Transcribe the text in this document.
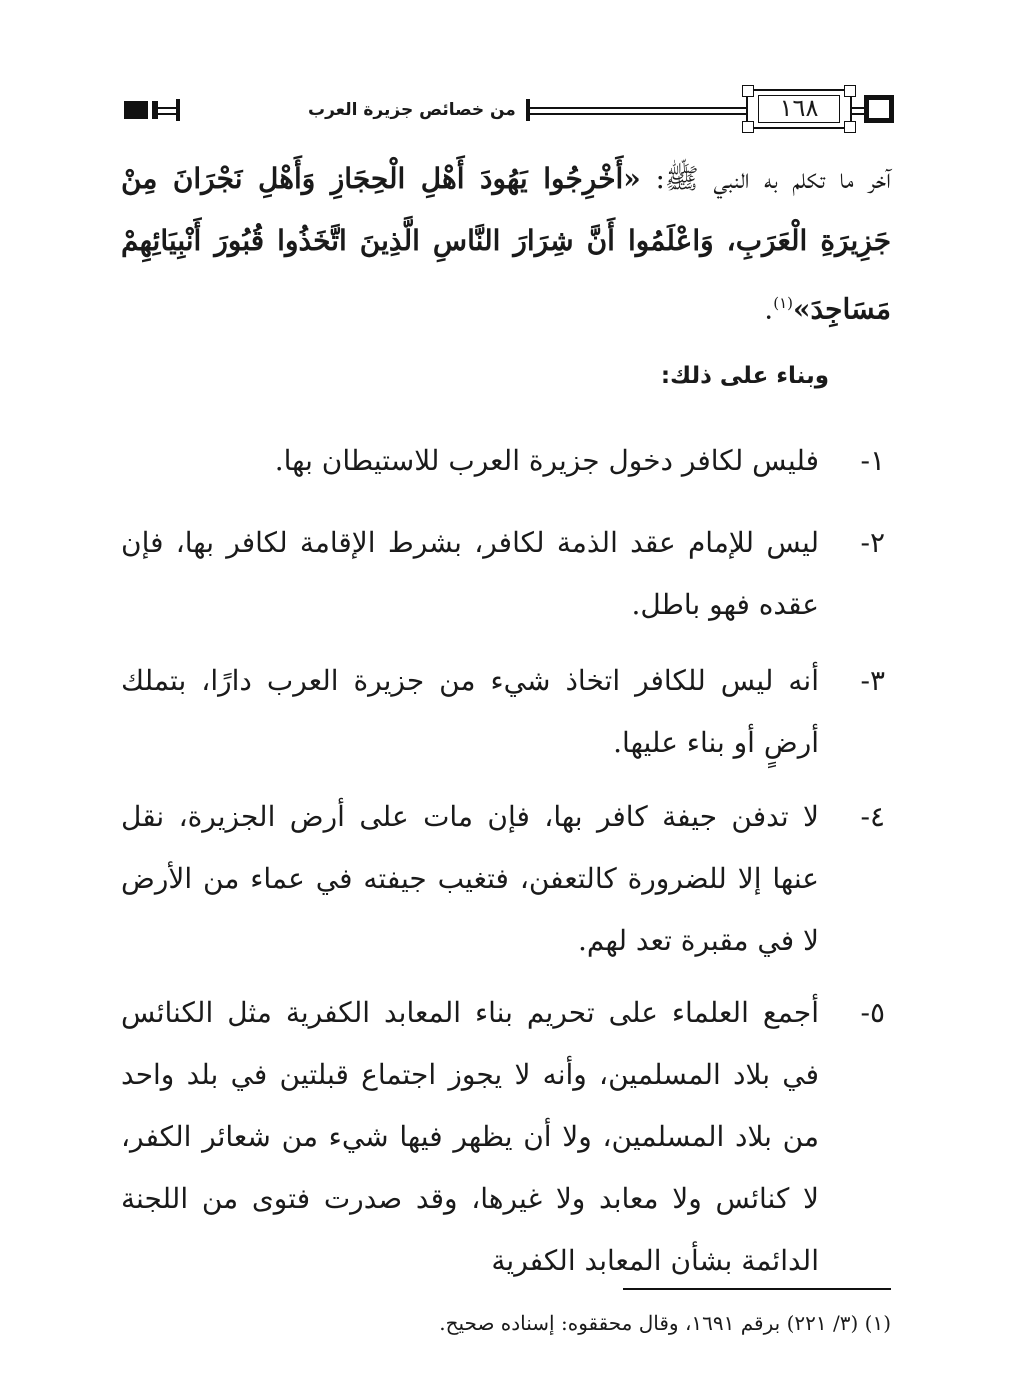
من خصائص جزيرة العرب	١٦٨

آخر ما تكلم به النبي ﷺ: «أَخْرِجُوا يَهُودَ أَهْلِ الْحِجَازِ وَأَهْلِ نَجْرَانَ مِنْ جَزِيرَةِ الْعَرَبِ، وَاعْلَمُوا أَنَّ شِرَارَ النَّاسِ الَّذِينَ اتَّخَذُوا قُبُورَ أَنْبِيَائِهِمْ مَسَاجِدَ»$^{(١)}$.

وبناء على ذلك:
١-
فليس لكافر دخول جزيرة العرب للاستيطان بها.
٢-
ليس للإمام عقد الذمة لكافر، بشرط الإقامة لكافر بها، فإن عقده فهو باطل.
٣-
أنه ليس للكافر اتخاذ شيء من جزيرة العرب دارًا، بتملك أرضٍ أو بناء عليها.
٤-
لا تدفن جيفة كافر بها، فإن مات على أرض الجزيرة، نقل عنها إلا للضرورة كالتعفن، فتغيب جيفته في عماء من الأرض لا في مقبرة تعد لهم.
٥-
أجمع العلماء على تحريم بناء المعابد الكفرية مثل الكنائس في بلاد المسلمين، وأنه لا يجوز اجتماع قبلتين في بلد واحد من بلاد المسلمين، ولا أن يظهر فيها شيء من شعائر الكفر، لا كنائس ولا معابد ولا غيرها، وقد صدرت فتوى من اللجنة الدائمة بشأن المعابد الكفرية
(١) (٣/ ٢٢١) برقم ١٦٩١، وقال محققوه: إسناده صحيح.
